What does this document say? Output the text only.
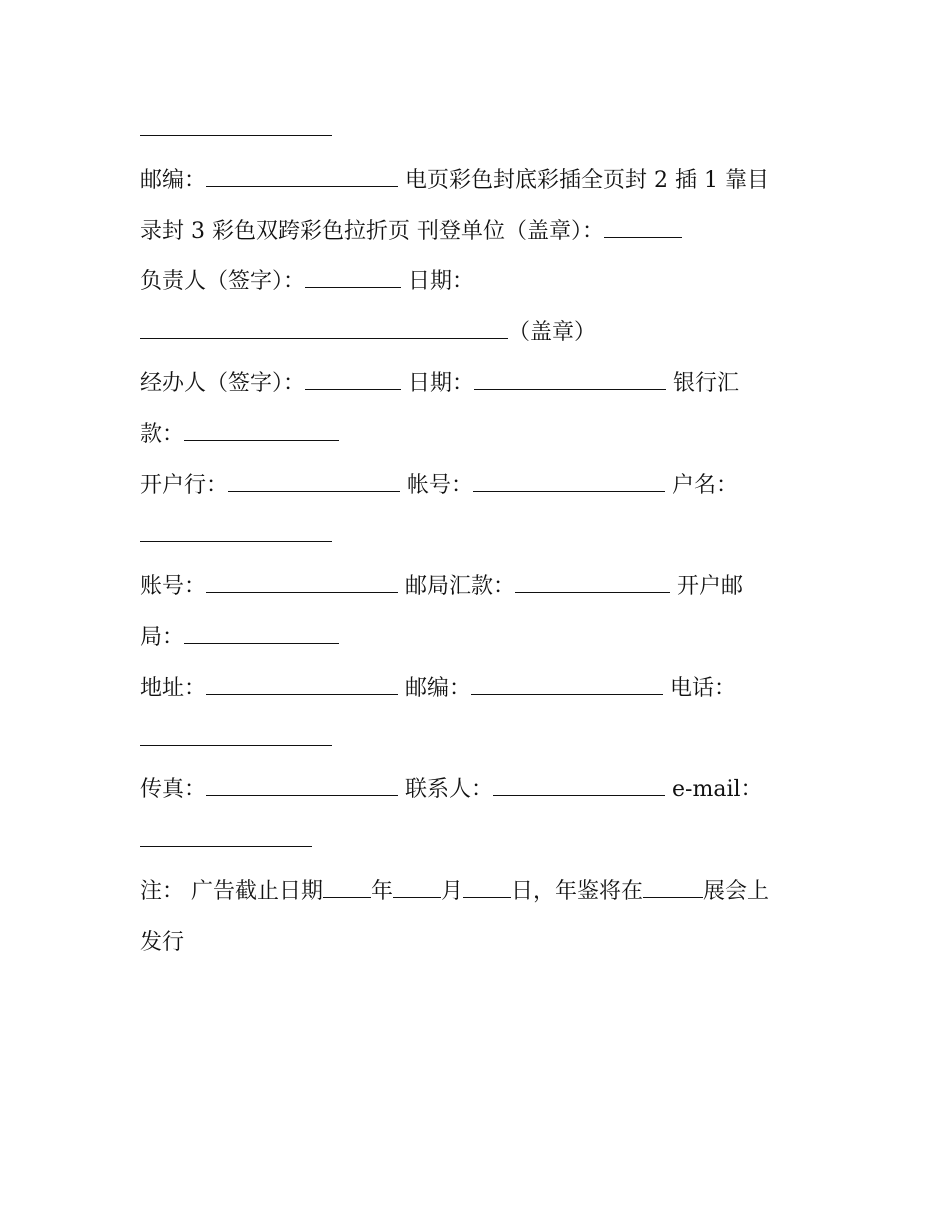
邮编：	电页彩色封底彩插全页封 2 插 1 靠目
录封 3 彩色双跨彩色拉折页 刊登单位（盖章）：
负责人（签字）：	日期：
（盖章）
经办人（签字）：	日期：	银行汇
款：
开户行：	帐号：	户名：
账号：	邮局汇款：	开户邮
局：
地址：	邮编：	电话：
传真：	联系人：	e-mail：
注： 广告截止日期 年 月 日，年鉴将在	展会上
发行
